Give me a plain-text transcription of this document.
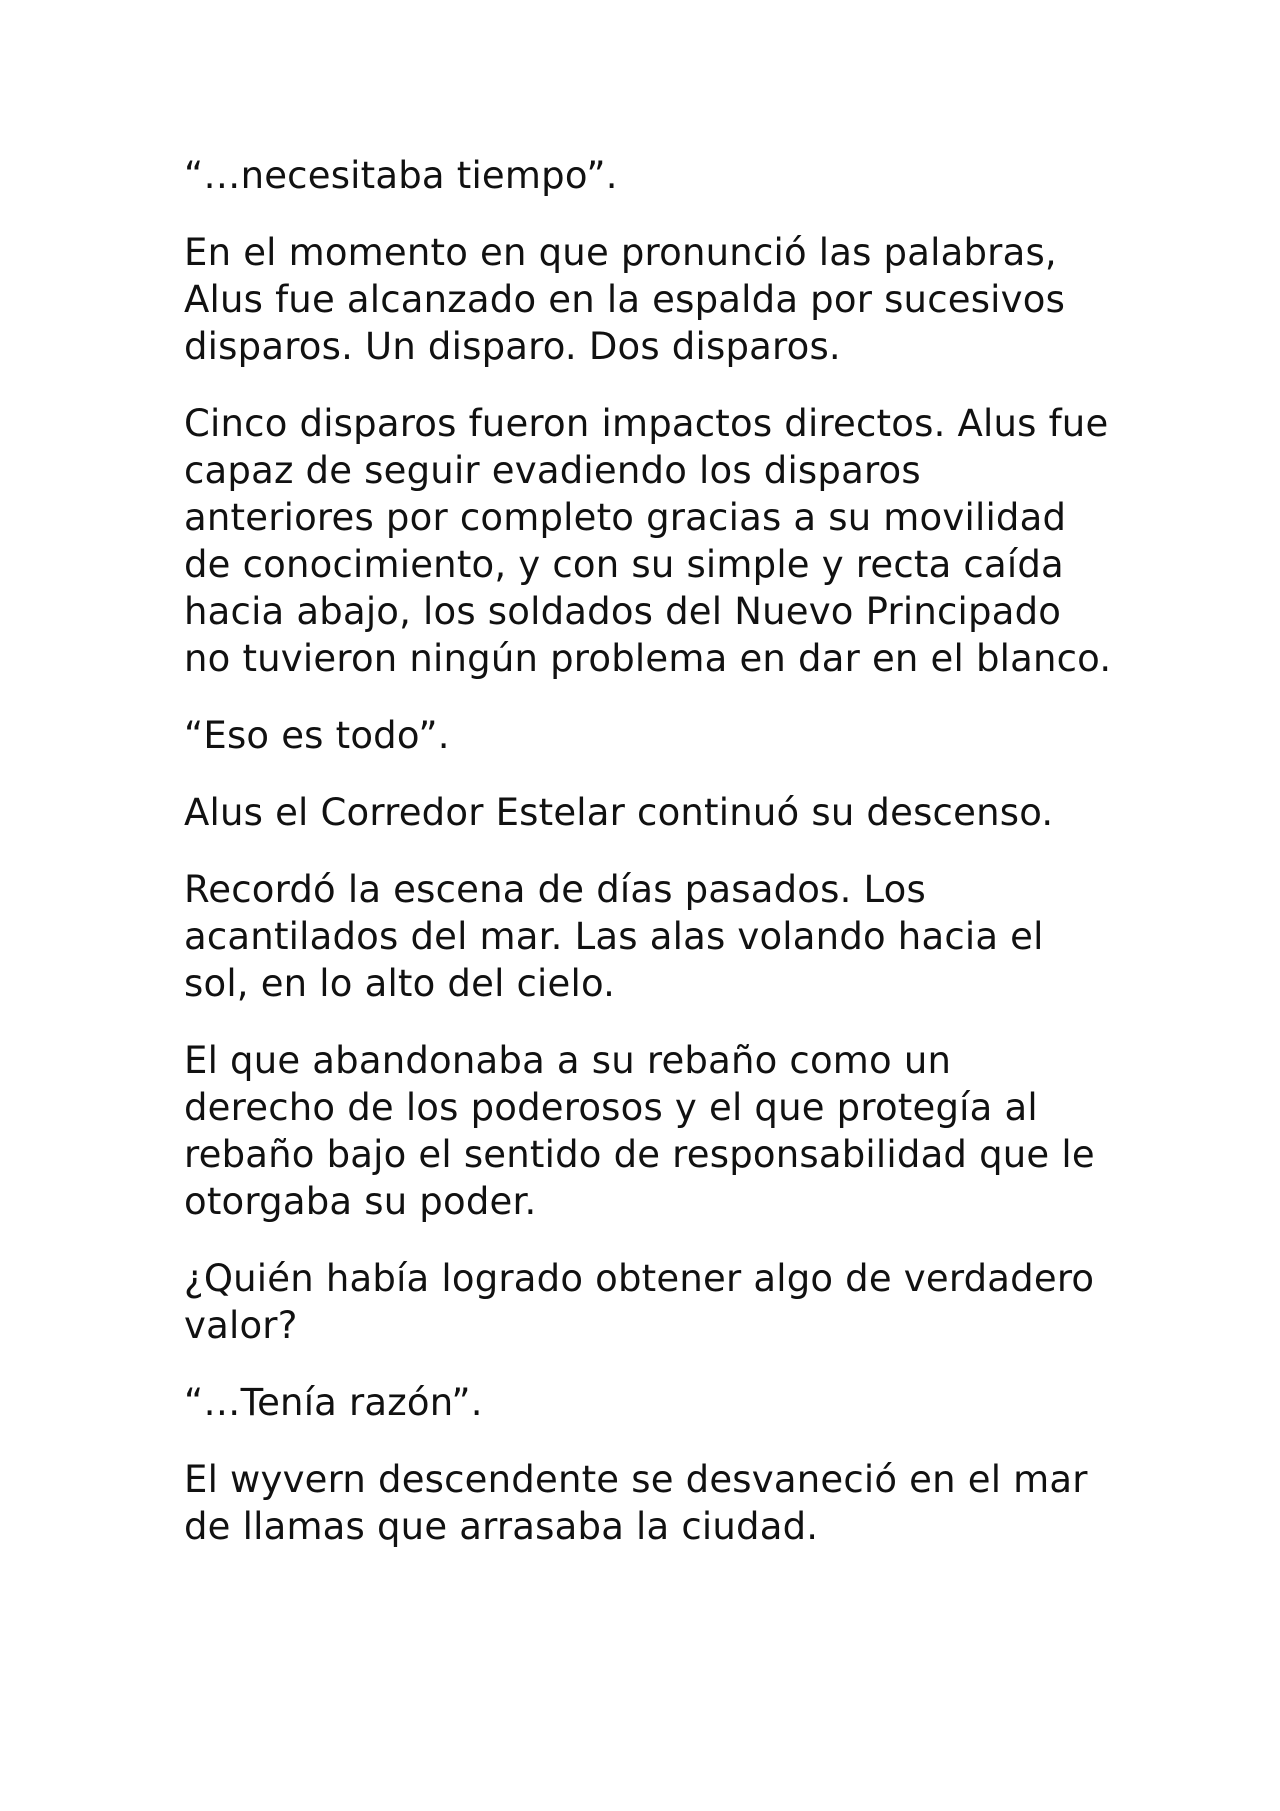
“…necesitaba tiempo”.

En el momento en que pronunció las palabras, Alus fue alcanzado en la espalda por sucesivos disparos. Un disparo. Dos disparos.

Cinco disparos fueron impactos directos. Alus fue capaz de seguir evadiendo los disparos anteriores por completo gracias a su movilidad de conocimiento, y con su simple y recta caída hacia abajo, los soldados del Nuevo Principado no tuvieron ningún problema en dar en el blanco.

“Eso es todo”.

Alus el Corredor Estelar continuó su descenso.

Recordó la escena de días pasados. Los acantilados del mar. Las alas volando hacia el sol, en lo alto del cielo.

El que abandonaba a su rebaño como un derecho de los poderosos y el que protegía al rebaño bajo el sentido de responsabilidad que le otorgaba su poder.

¿Quién había logrado obtener algo de verdadero valor?

“…Tenía razón”.

El wyvern descendente se desvaneció en el mar de llamas que arrasaba la ciudad.
